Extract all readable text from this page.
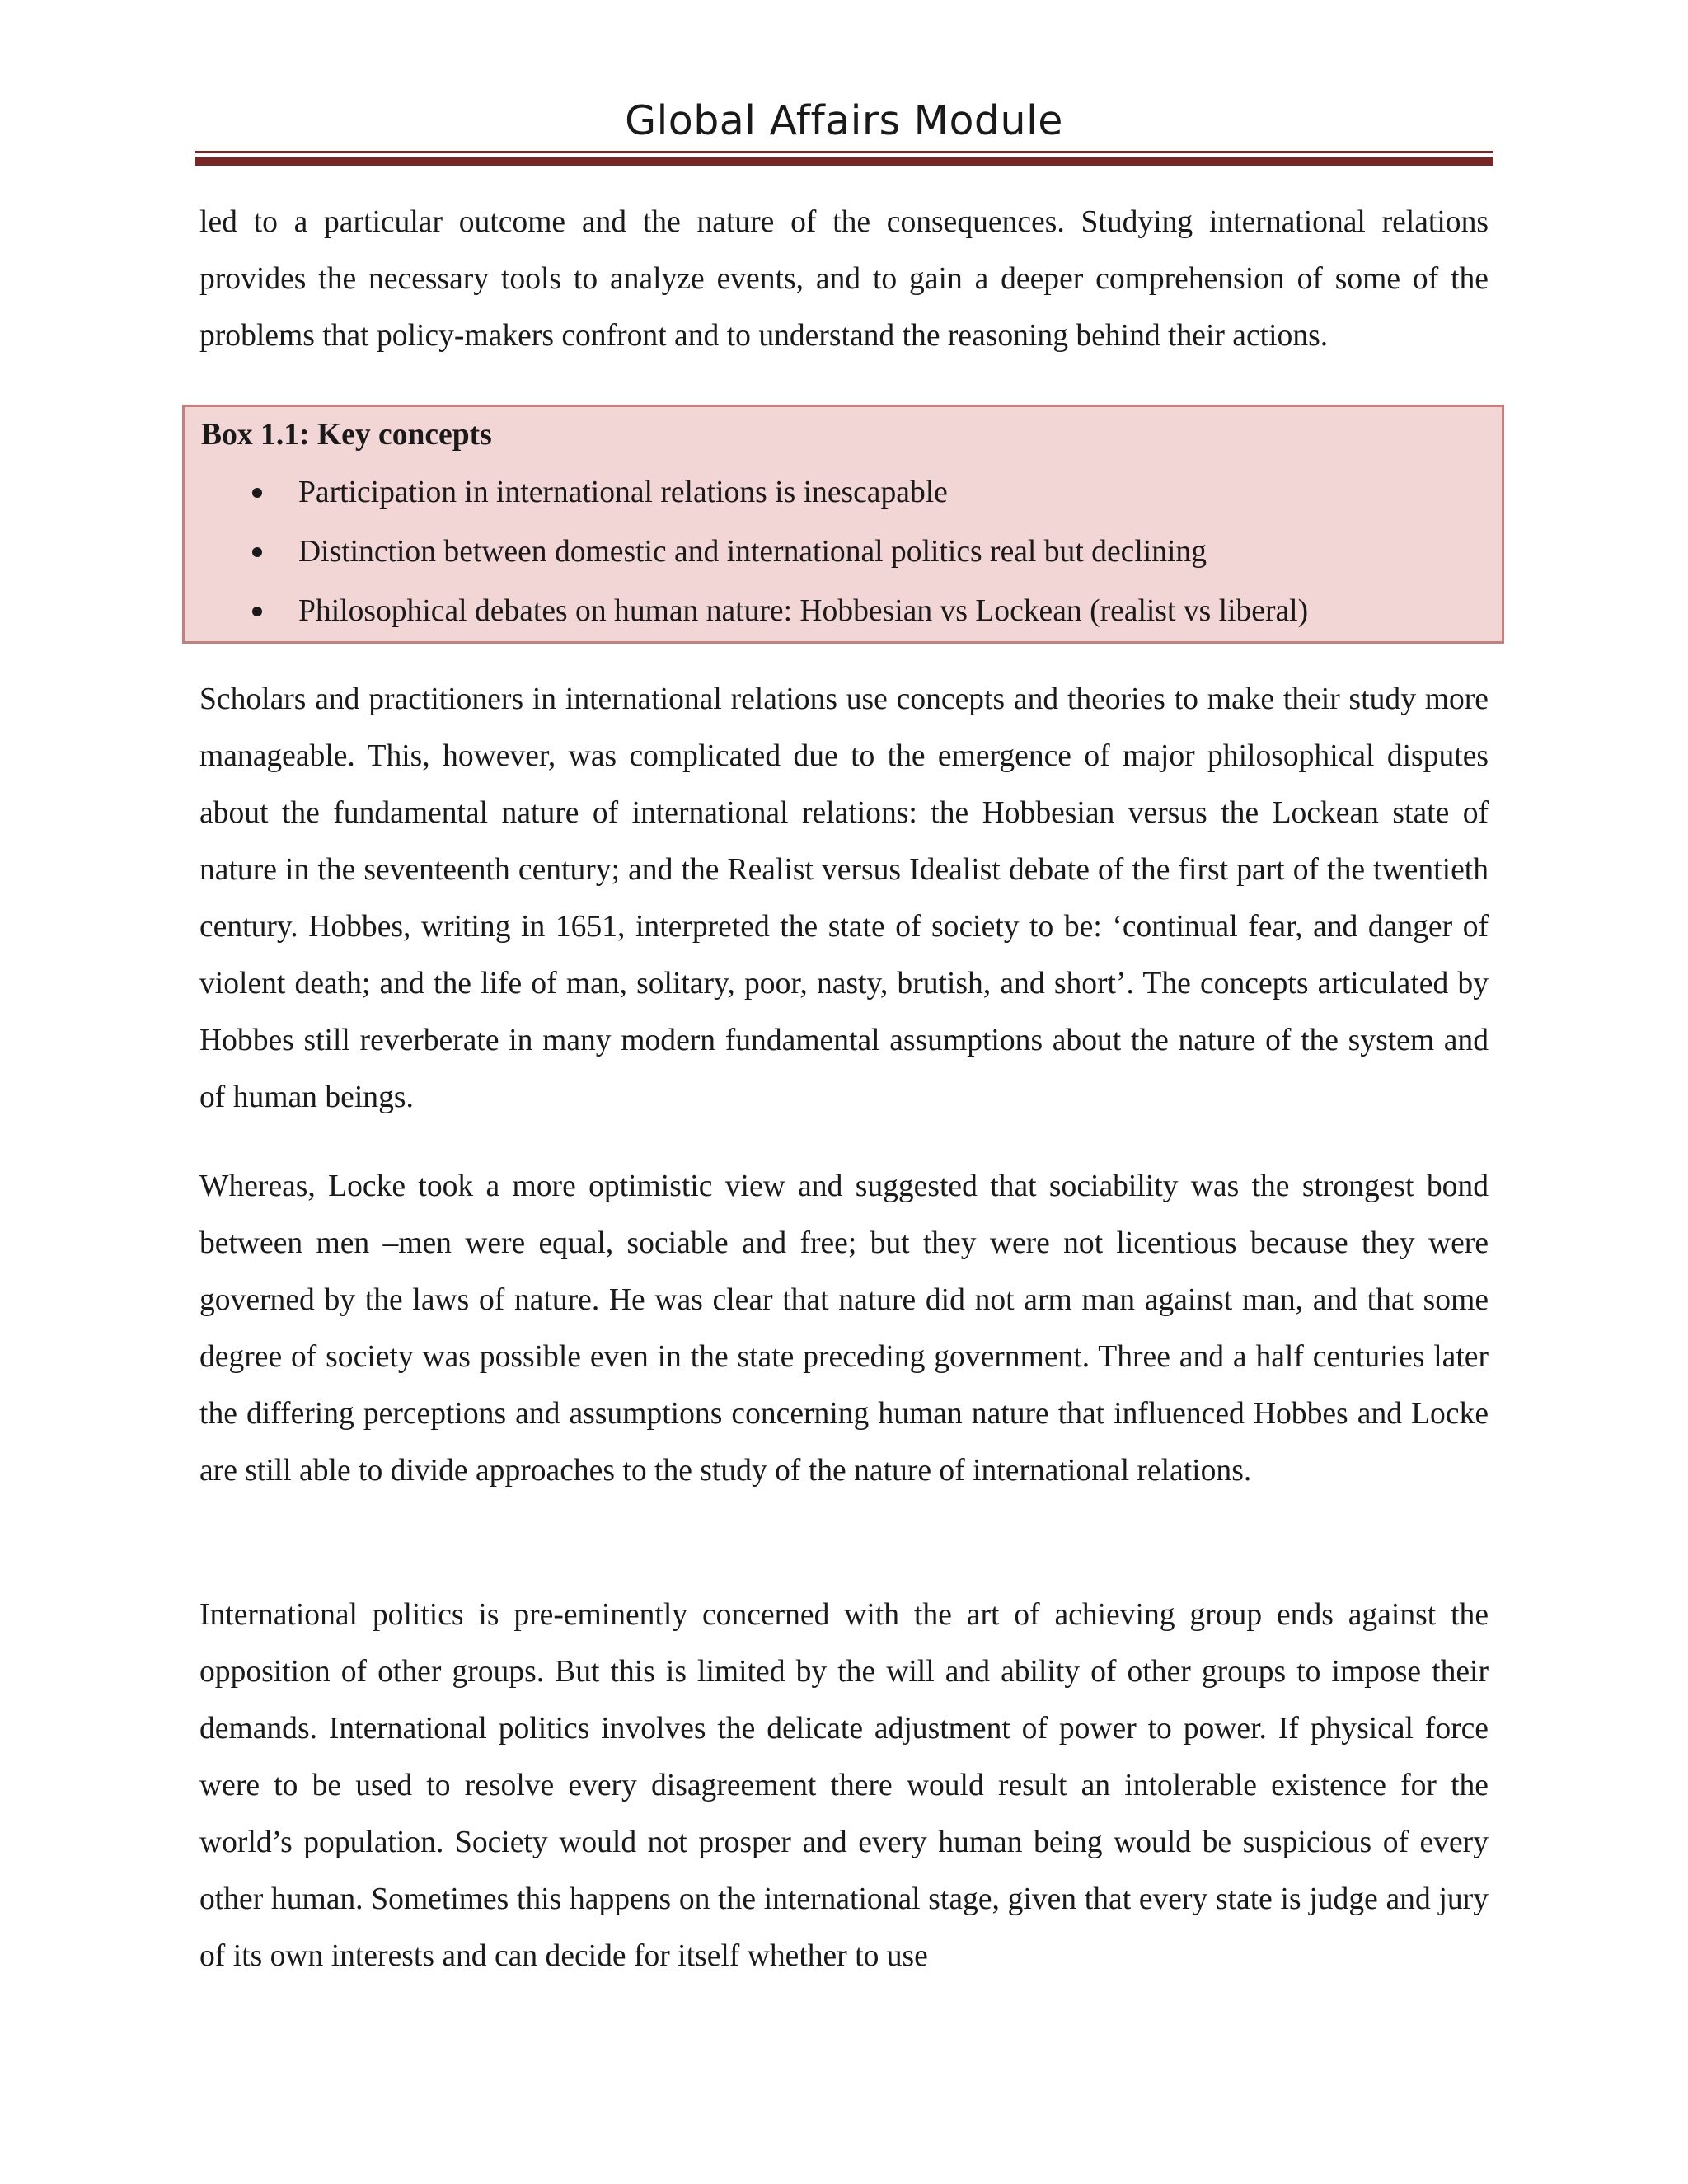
Global Affairs Module

led to a particular outcome and the nature of the consequences. Studying international relations provides the necessary tools to analyze events, and to gain a deeper comprehension of some of the problems that policy-makers confront and to understand the reasoning behind their actions.

Box 1.1: Key concepts
Participation in international relations is inescapable
Distinction between domestic and international politics real but declining
Philosophical debates on human nature: Hobbesian vs Lockean (realist vs liberal)

Scholars and practitioners in international relations use concepts and theories to make their study more manageable. This, however, was complicated due to the emergence of major philosophical disputes about the fundamental nature of international relations: the Hobbesian versus the Lockean state of nature in the seventeenth century; and the Realist versus Idealist debate of the first part of the twentieth century. Hobbes, writing in 1651, interpreted the state of society to be: ‘continual fear, and danger of violent death; and the life of man, solitary, poor, nasty, brutish, and short’. The concepts articulated by Hobbes still reverberate in many modern fundamental assumptions about the nature of the system and of human beings.

Whereas, Locke took a more optimistic view and suggested that sociability was the strongest bond between men –men were equal, sociable and free; but they were not licentious because they were governed by the laws of nature. He was clear that nature did not arm man against man, and that some degree of society was possible even in the state preceding government. Three and a half centuries later the differing perceptions and assumptions concerning human nature that influenced Hobbes and Locke are still able to divide approaches to the study of the nature of international relations.

International politics is pre-eminently concerned with the art of achieving group ends against the opposition of other groups. But this is limited by the will and ability of other groups to impose their demands. International politics involves the delicate adjustment of power to power. If physical force were to be used to resolve every disagreement there would result an intolerable existence for the world’s population. Society would not prosper and every human being would be suspicious of every other human. Sometimes this happens on the international stage, given that every state is judge and jury of its own interests and can decide for itself whether to use
